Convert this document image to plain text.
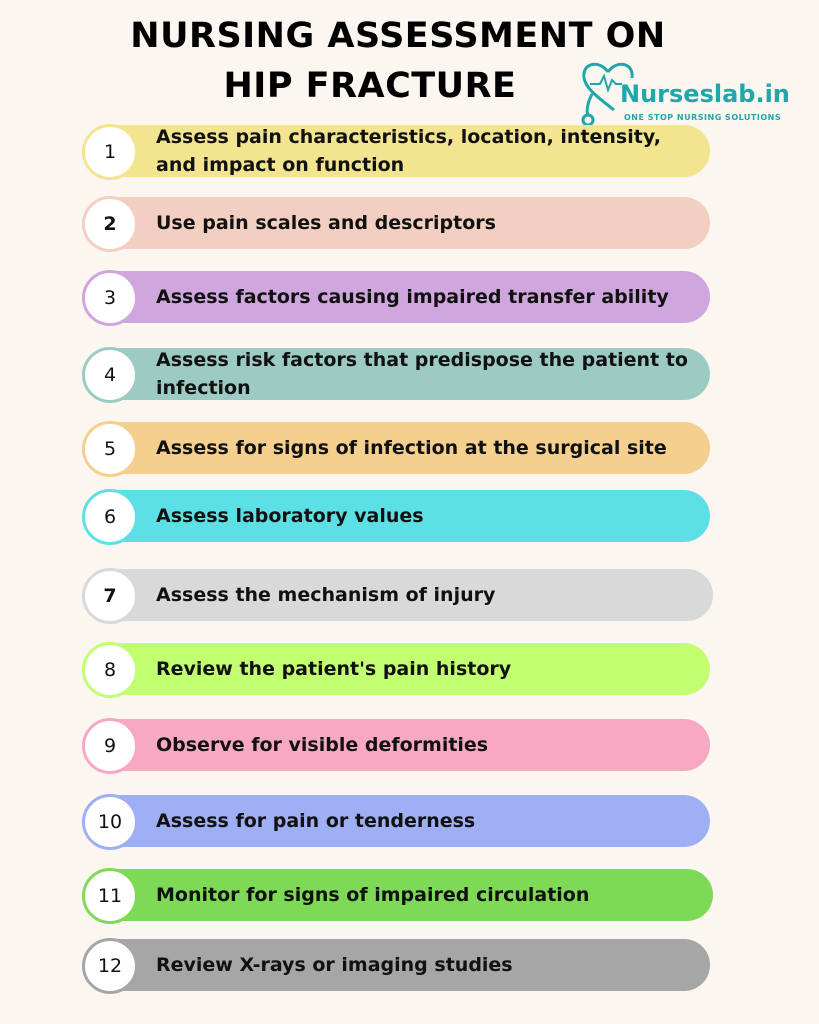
NURSING ASSESSMENT ON
HIP FRACTURE	Nurseslab.in
ONE STOP NURSING SOLUTIONS
1
Assess pain characteristics, location, intensity, and impact on function
2	Use pain scales and descriptors
3	Assess factors causing impaired transfer ability
4
Assess risk factors that predispose the patient to infection
5	Assess for signs of infection at the surgical site
6	Assess laboratory values
7	Assess the mechanism of injury
8	Review the patient's pain history
9	Observe for visible deformities
10	Assess for pain or tenderness
11	Monitor for signs of impaired circulation
12	Review X-rays or imaging studies
